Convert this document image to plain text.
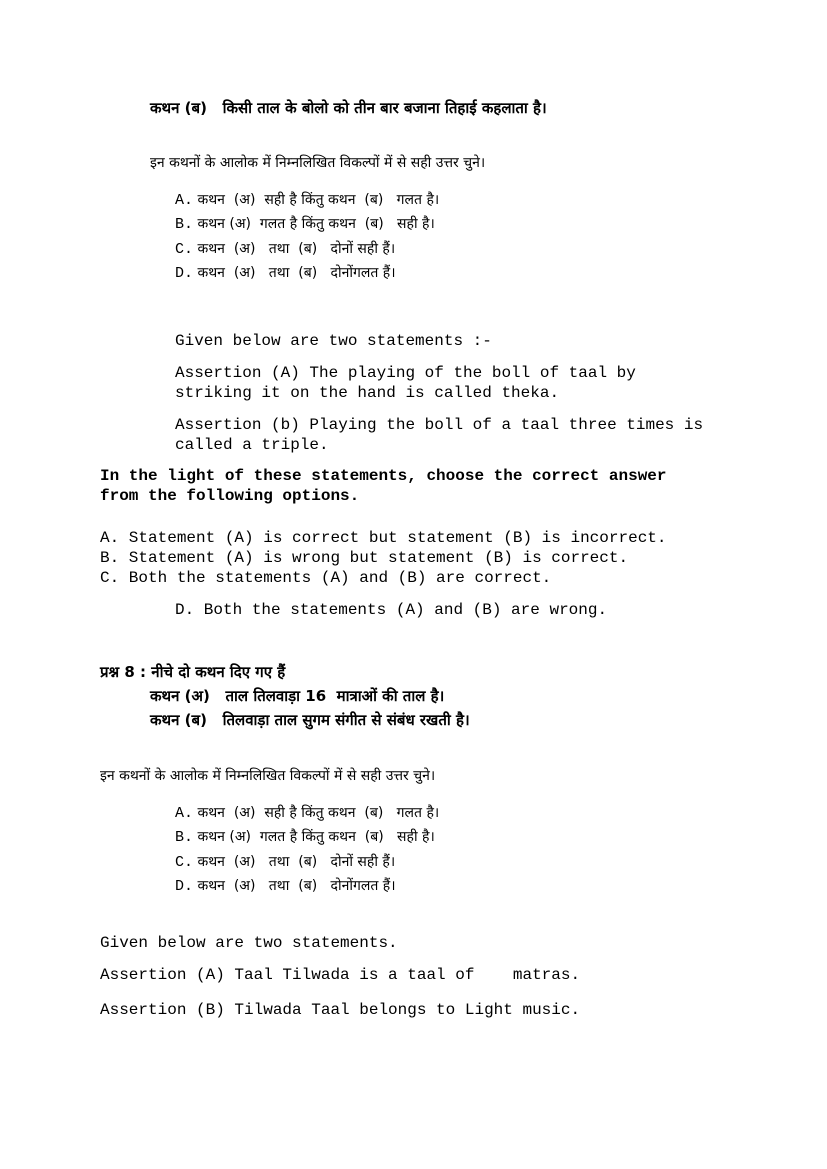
कथन (ब)   किसी ताल के बोलो को तीन बार बजाना तिहाई कहलाता है।
इन कथनों के आलोक में निम्नलिखित विकल्पों में से सही उत्तर चुने।
A. कथन  (अ)  सही है किंतु कथन  (ब)   गलत है।
B. कथन (अ)  गलत है किंतु कथन  (ब)   सही है।
C. कथन  (अ)   तथा  (ब)   दोनों सही हैं।
D. कथन  (अ)   तथा  (ब)   दोनोंगलत हैं।
Given below are two statements :-
Assertion (A) The playing of the boll of taal by
striking it on the hand is called theka.
Assertion (b) Playing the boll of a taal three times is
called a triple.
In the light of these statements, choose the correct answer
from the following options.
A. Statement (A) is correct but statement (B) is incorrect.
B. Statement (A) is wrong but statement (B) is correct.
C. Both the statements (A) and (B) are correct.
D. Both the statements (A) and (B) are wrong.
प्रश्न 8 : नीचे दो कथन दिए गए हैं
कथन (अ)   ताल तिलवाड़ा 16  मात्राओं की ताल है।
कथन (ब)   तिलवाड़ा ताल सुगम संगीत से संबंध रखती है।
इन कथनों के आलोक में निम्नलिखित विकल्पों में से सही उत्तर चुने।
A. कथन  (अ)  सही है किंतु कथन  (ब)   गलत है।
B. कथन (अ)  गलत है किंतु कथन  (ब)   सही है।
C. कथन  (अ)   तथा  (ब)   दोनों सही हैं।
D. कथन  (अ)   तथा  (ब)   दोनोंगलत हैं।
Given below are two statements.
Assertion (A) Taal Tilwada is a taal of    matras.
Assertion (B) Tilwada Taal belongs to Light music.
